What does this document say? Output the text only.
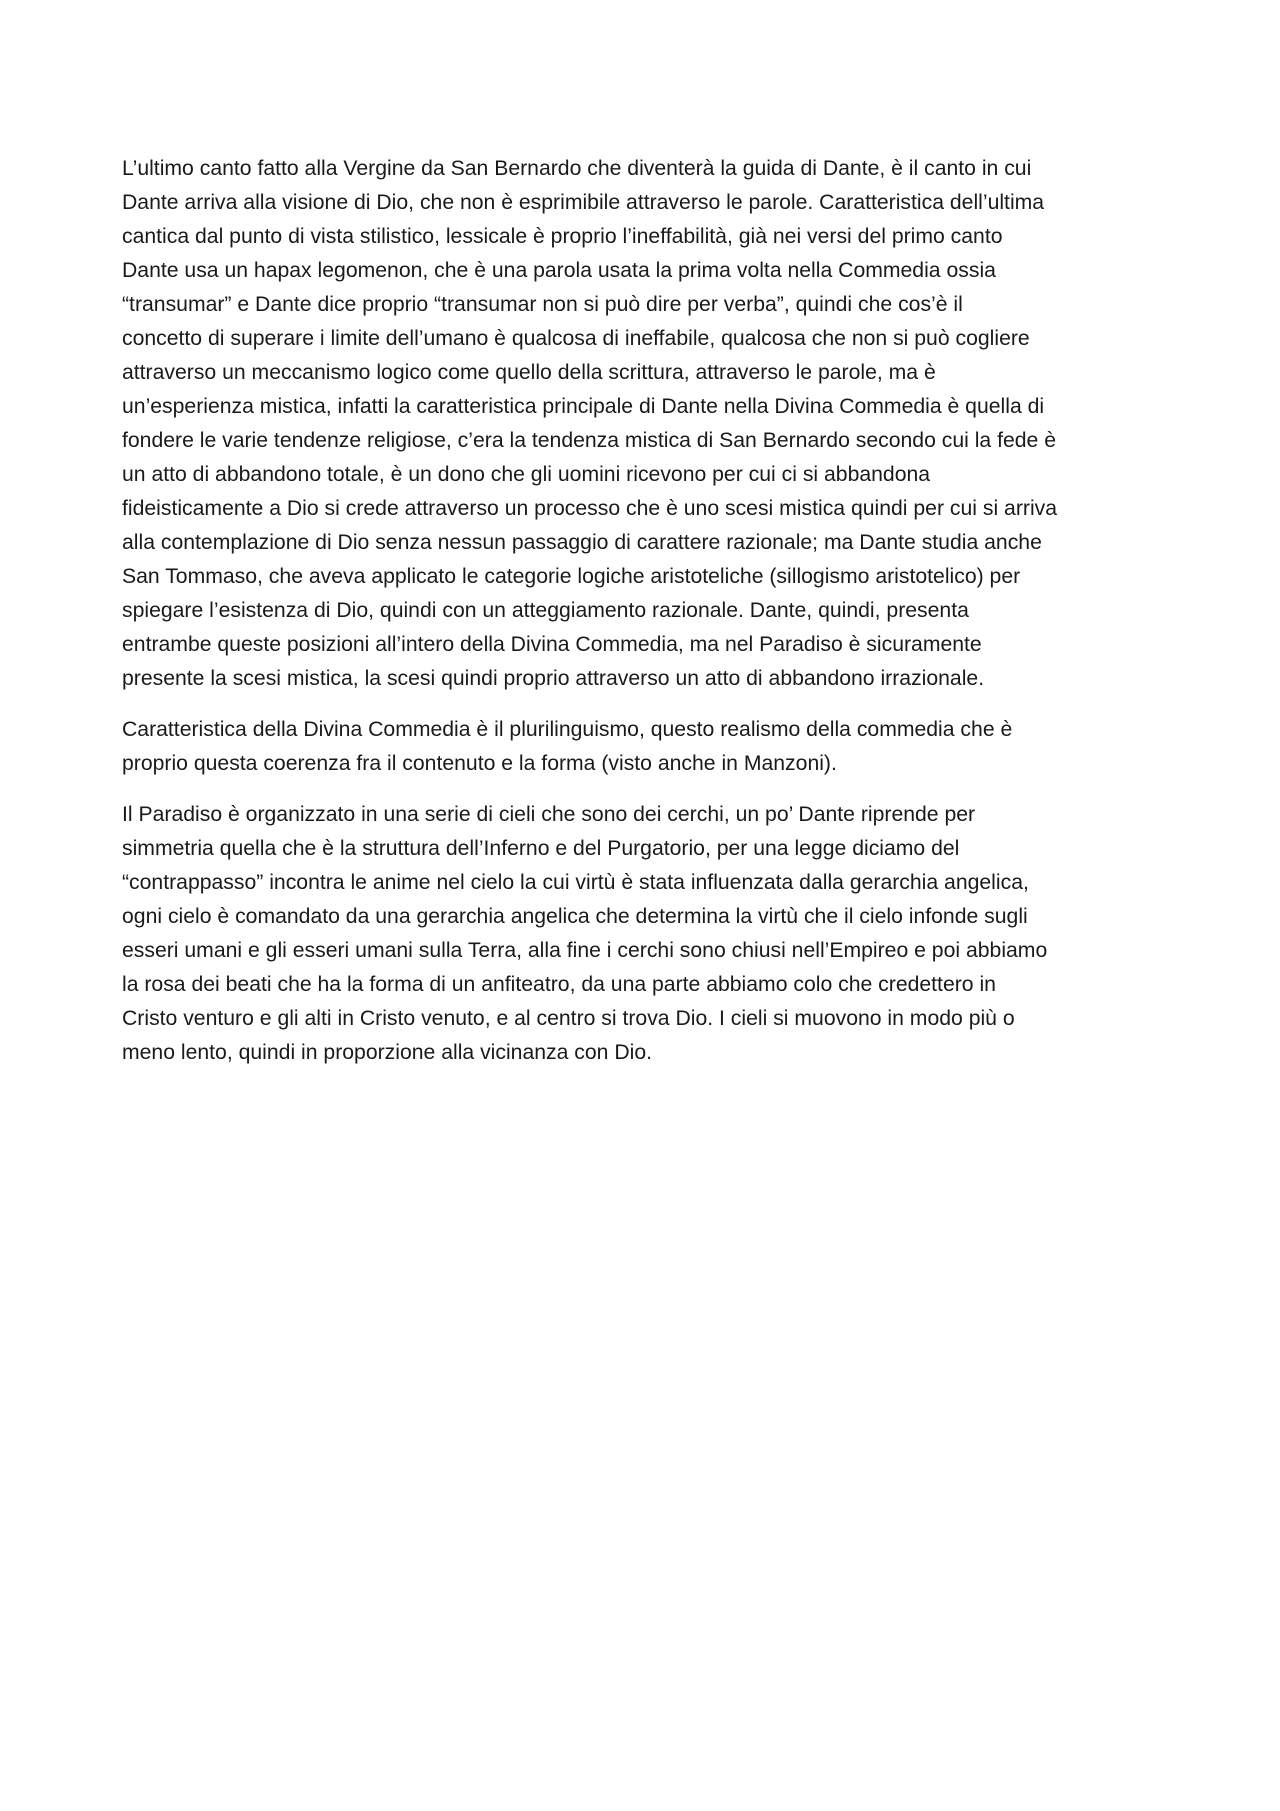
L’ultimo canto fatto alla Vergine da San Bernardo che diventerà la guida di Dante, è il canto in cui
Dante arriva alla visione di Dio, che non è esprimibile attraverso le parole. Caratteristica dell’ultima
cantica dal punto di vista stilistico, lessicale è proprio l’ineffabilità, già nei versi del primo canto
Dante usa un hapax legomenon, che è una parola usata la prima volta nella Commedia ossia
“transumar” e Dante dice proprio “transumar non si può dire per verba”, quindi che cos’è il
concetto di superare i limite dell’umano è qualcosa di ineffabile, qualcosa che non si può cogliere
attraverso un meccanismo logico come quello della scrittura, attraverso le parole, ma è
un’esperienza mistica, infatti la caratteristica principale di Dante nella Divina Commedia è quella di
fondere le varie tendenze religiose, c’era la tendenza mistica di San Bernardo secondo cui la fede è
un atto di abbandono totale, è un dono che gli uomini ricevono per cui ci si abbandona
fideisticamente a Dio si crede attraverso un processo che è uno scesi mistica quindi per cui si arriva
alla contemplazione di Dio senza nessun passaggio di carattere razionale; ma Dante studia anche
San Tommaso, che aveva applicato le categorie logiche aristoteliche (sillogismo aristotelico) per
spiegare l’esistenza di Dio, quindi con un atteggiamento razionale. Dante, quindi, presenta
entrambe queste posizioni all’intero della Divina Commedia, ma nel Paradiso è sicuramente
presente la scesi mistica, la scesi quindi proprio attraverso un atto di abbandono irrazionale.

Caratteristica della Divina Commedia è il plurilinguismo, questo realismo della commedia che è
proprio questa coerenza fra il contenuto e la forma (visto anche in Manzoni).

Il Paradiso è organizzato in una serie di cieli che sono dei cerchi, un po’ Dante riprende per
simmetria quella che è la struttura dell’Inferno e del Purgatorio, per una legge diciamo del
“contrappasso” incontra le anime nel cielo la cui virtù è stata influenzata dalla gerarchia angelica,
ogni cielo è comandato da una gerarchia angelica che determina la virtù che il cielo infonde sugli
esseri umani e gli esseri umani sulla Terra, alla fine i cerchi sono chiusi nell’Empireo e poi abbiamo
la rosa dei beati che ha la forma di un anfiteatro, da una parte abbiamo colo che credettero in
Cristo venturo e gli alti in Cristo venuto, e al centro si trova Dio. I cieli si muovono in modo più o
meno lento, quindi in proporzione alla vicinanza con Dio.
